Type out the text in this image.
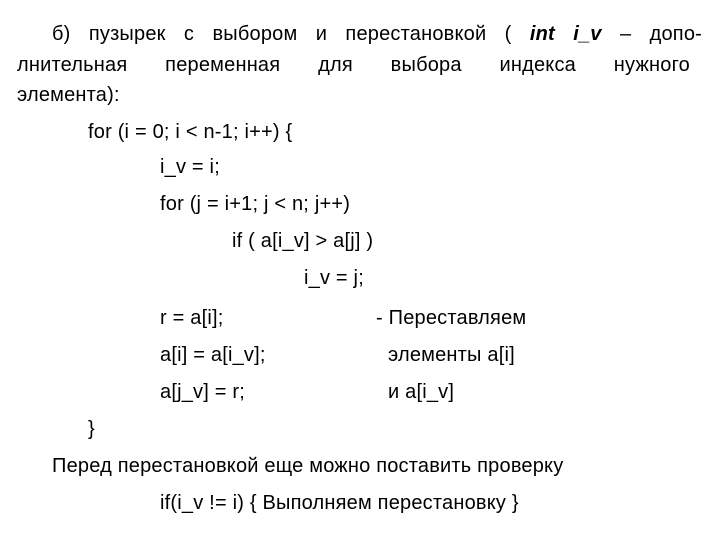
б) пузырек с выбором и перестановкой ( int i_v – допо-
лнительная переменная для выбора индекса нужного
элемента):
for (i = 0; i < n-1; i++) {
i_v = i;
for (j = i+1; j < n; j++)
if ( a[i_v] > a[j] )
i_v = j;
r = a[i];
a[i] = a[i_v];
a[j_v] = r;
}
- Переставляем
элементы a[i]
и a[i_v]
Перед перестановкой еще можно поставить проверку
if(i_v != i) { Выполняем перестановку }
